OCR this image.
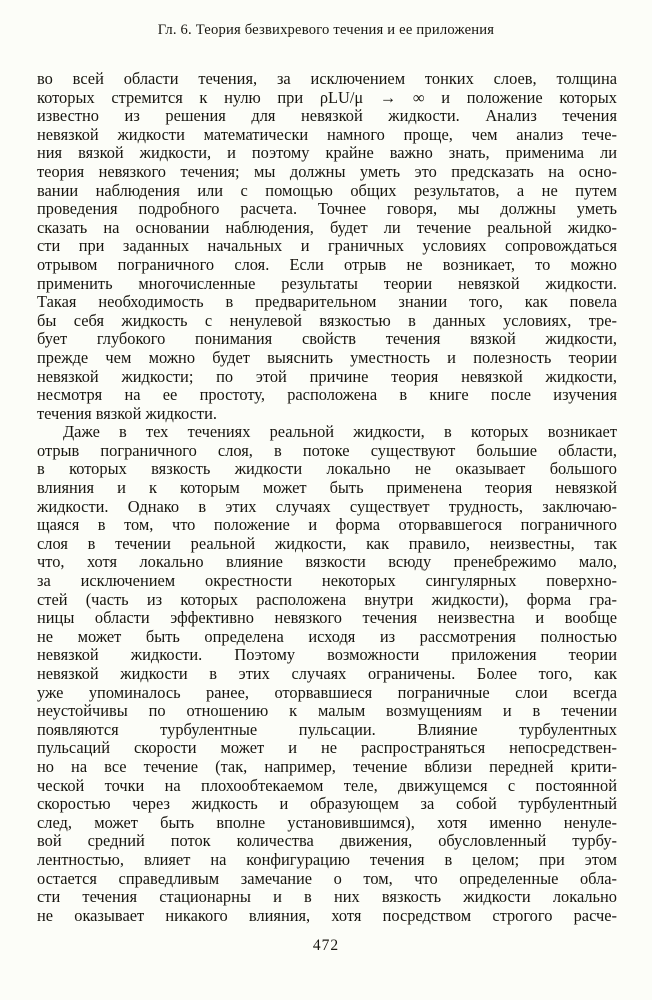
Гл. 6. Теория безвихревого течения и ее приложения
во всей области течения, за исключением тонких слоев, толщина
которых стремится к нулю при ρLU/μ → ∞ и положение которых
известно из решения для невязкой жидкости. Анализ течения
невязкой жидкости математически намного проще, чем анализ тече-
ния вязкой жидкости, и поэтому крайне важно знать, применима ли
теория невязкого течения; мы должны уметь это предсказать на осно-
вании наблюдения или с помощью общих результатов, а не путем
проведения подробного расчета. Точнее говоря, мы должны уметь
сказать на основании наблюдения, будет ли течение реальной жидко-
сти при заданных начальных и граничных условиях сопровождаться
отрывом пограничного слоя. Если отрыв не возникает, то можно
применить многочисленные результаты теории невязкой жидкости.
Такая необходимость в предварительном знании того, как повела
бы себя жидкость с ненулевой вязкостью в данных условиях, тре-
бует глубокого понимания свойств течения вязкой жидкости,
прежде чем можно будет выяснить уместность и полезность теории
невязкой жидкости; по этой причине теория невязкой жидкости,
несмотря на ее простоту, расположена в книге после изучения
течения вязкой жидкости.
Даже в тех течениях реальной жидкости, в которых возникает
отрыв пограничного слоя, в потоке существуют большие области,
в которых вязкость жидкости локально не оказывает большого
влияния и к которым может быть применена теория невязкой
жидкости. Однако в этих случаях существует трудность, заключаю-
щаяся в том, что положение и форма оторвавшегося пограничного
слоя в течении реальной жидкости, как правило, неизвестны, так
что, хотя локально влияние вязкости всюду пренебрежимо мало,
за исключением окрестности некоторых сингулярных поверхно-
стей (часть из которых расположена внутри жидкости), форма гра-
ницы области эффективно невязкого течения неизвестна и вообще
не может быть определена исходя из рассмотрения полностью
невязкой жидкости. Поэтому возможности приложения теории
невязкой жидкости в этих случаях ограничены. Более того, как
уже упоминалось ранее, оторвавшиеся пограничные слои всегда
неустойчивы по отношению к малым возмущениям и в течении
появляются турбулентные пульсации. Влияние турбулентных
пульсаций скорости может и не распространяться непосредствен-
но на все течение (так, например, течение вблизи передней крити-
ческой точки на плохообтекаемом теле, движущемся с постоянной
скоростью через жидкость и образующем за собой турбулентный
след, может быть вполне установившимся), хотя именно ненуле-
вой средний поток количества движения, обусловленный турбу-
лентностью, влияет на конфигурацию течения в целом; при этом
остается справедливым замечание о том, что определенные обла-
сти течения стационарны и в них вязкость жидкости локально
не оказывает никакого влияния, хотя посредством строгого расче-
472
